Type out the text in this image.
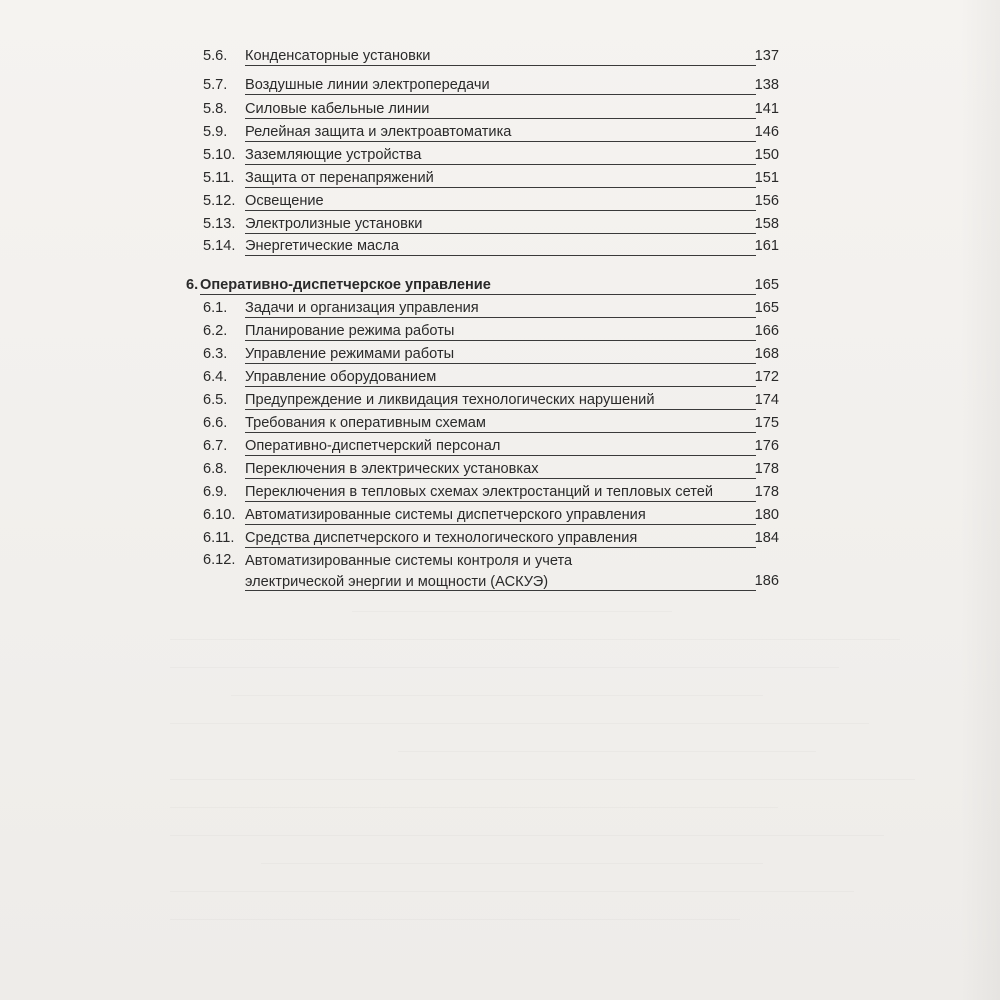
5.6. Конденсаторные установки	137
5.7. Воздушные линии электропередачи	138
5.8. Силовые кабельные линии	141
5.9. Релейная защита и электроавтоматика	146
5.10. Заземляющие устройства	150
5.11. Защита от перенапряжений	151
5.12. Освещение	156
5.13. Электролизные установки	158
5.14. Энергетические масла	161
6. Оперативно-диспетчерское управление	165
6.1. Задачи и организация управления	165
6.2. Планирование режима работы	166
6.3. Управление режимами работы	168
6.4. Управление оборудованием	172
6.5. Предупреждение и ликвидация технологических нарушений	174
6.6. Требования к оперативным схемам	175
6.7. Оперативно-диспетчерский персонал	176
6.8. Переключения в электрических установках	178
6.9. Переключения в тепловых схемах электростанций и тепловых сетей	178
6.10. Автоматизированные системы диспетчерского управления	180
6.11. Средства диспетчерского и технологического управления	184
6.12. Автоматизированные системы контроля и учета
электрической энергии и мощности (АСКУЭ)	186
